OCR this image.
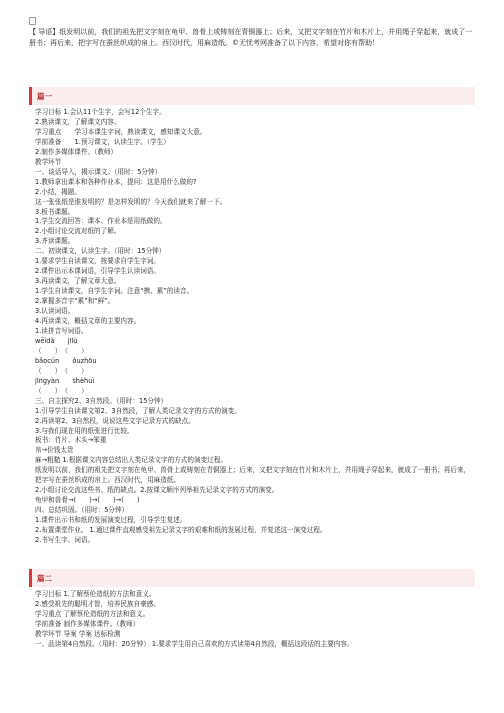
【 导语】纸发明以前，我们的祖先把文字刻在龟甲、兽骨上或铸刻在青铜器上；后来，又把文字刻在竹片和木片上，并用绳子穿起来，就成了一册书；再后来，把字写在蚕丝织成的帛上。西汉时代，用麻造纸。©无忧考网准备了以下内容，希望对你有帮助！
篇一
学习目标 1.会认11个生字，会写12个生字。
2.熟读课文，了解课文内容。
学习重点　　学习本课生字词，熟读课文，感知课文大意。
学前准备　　1.预习课文，认读生字。（学生）
2.制作多媒体课件。（教师）
教学环节
一、谈话导入，揭示课文。（用时：5分钟）
1.教师拿出课本和各种作业本，提问：这是用什么做的?
2.小结，揭题。
这一张张纸是谁发明的？是怎样发明的？今天我们就来了解一下。
3.板书课题。
1.学生交流回答：课本、作业本是用纸做的。
2.小组讨论交流对纸的了解。
3.齐读课题。
二、初读课文，认读生字。（用时：15分钟）
1.要求学生自读课文，按要求自学生字词。
2.课件出示本课词语，引导学生认读词语。
3.再读课文，了解文章大意。
1.学生自读课文，自学生字词。注意“携、累”的读音。
2.掌握多音字“累”和“鲜”。
3.认读词语。
4.再读课文，概括文章的主要内容。
1.读拼音写词语。
wēidà　　jīlù
（　　）　（　　）
bǎocún　　ǒuzhōu
（　　）　（　　）
jīngyàn　　shèhuì
（　　）　（　　）
三、自主探究2、3自然段。（用时：15分钟）
1.引导学生自读课文第2、3自然段，了解人类记录文字的方式的演变。
2.再读第2、3自然段，说说这些文字记录方式的缺点。
3.与我们现在用的纸张进行比较。
板书：竹片、木头→笨重
帛→价钱太贵
麻→粗糙 1.根据课文内容总结出人类记录文字的方式的演变过程。
纸发明以前，我们的祖先把文字刻在龟甲、兽骨上或铸刻在青铜器上；后来，又把文字刻在竹片和木片上，并用绳子穿起来，就成了一册书；再后来，把字写在蚕丝织成的帛上。西汉时代，用麻造纸。
2.小组讨论交流这些书、纸的缺点。2.按课文顺序列举祖先记录文字的方式的演变。
龟甲和兽骨→(　　)→(　　)→(　　)
四、总结巩固。（用时：5分钟）
1.课件出示书和纸的发展演变过程，引导学生复述。
2.布置课堂作业。 1.通过课件直观感受祖先记录文字的艰难和纸的发展过程，并复述这一演变过程。
2.书写生字、词语。
篇二
学习目标 1.了解蔡伦造纸的方法和意义。
2.感受祖先的聪明才智，培养民族自豪感。
学习重点 了解蔡伦造纸的方法和意义。
学前准备 制作多媒体课件。（教师）
教学环节 导案 学案 达标检测
一、品读第4自然段。（用时：20分钟） 1.要求学生用自己喜欢的方式读第4自然段，概括这段话的主要内容。
